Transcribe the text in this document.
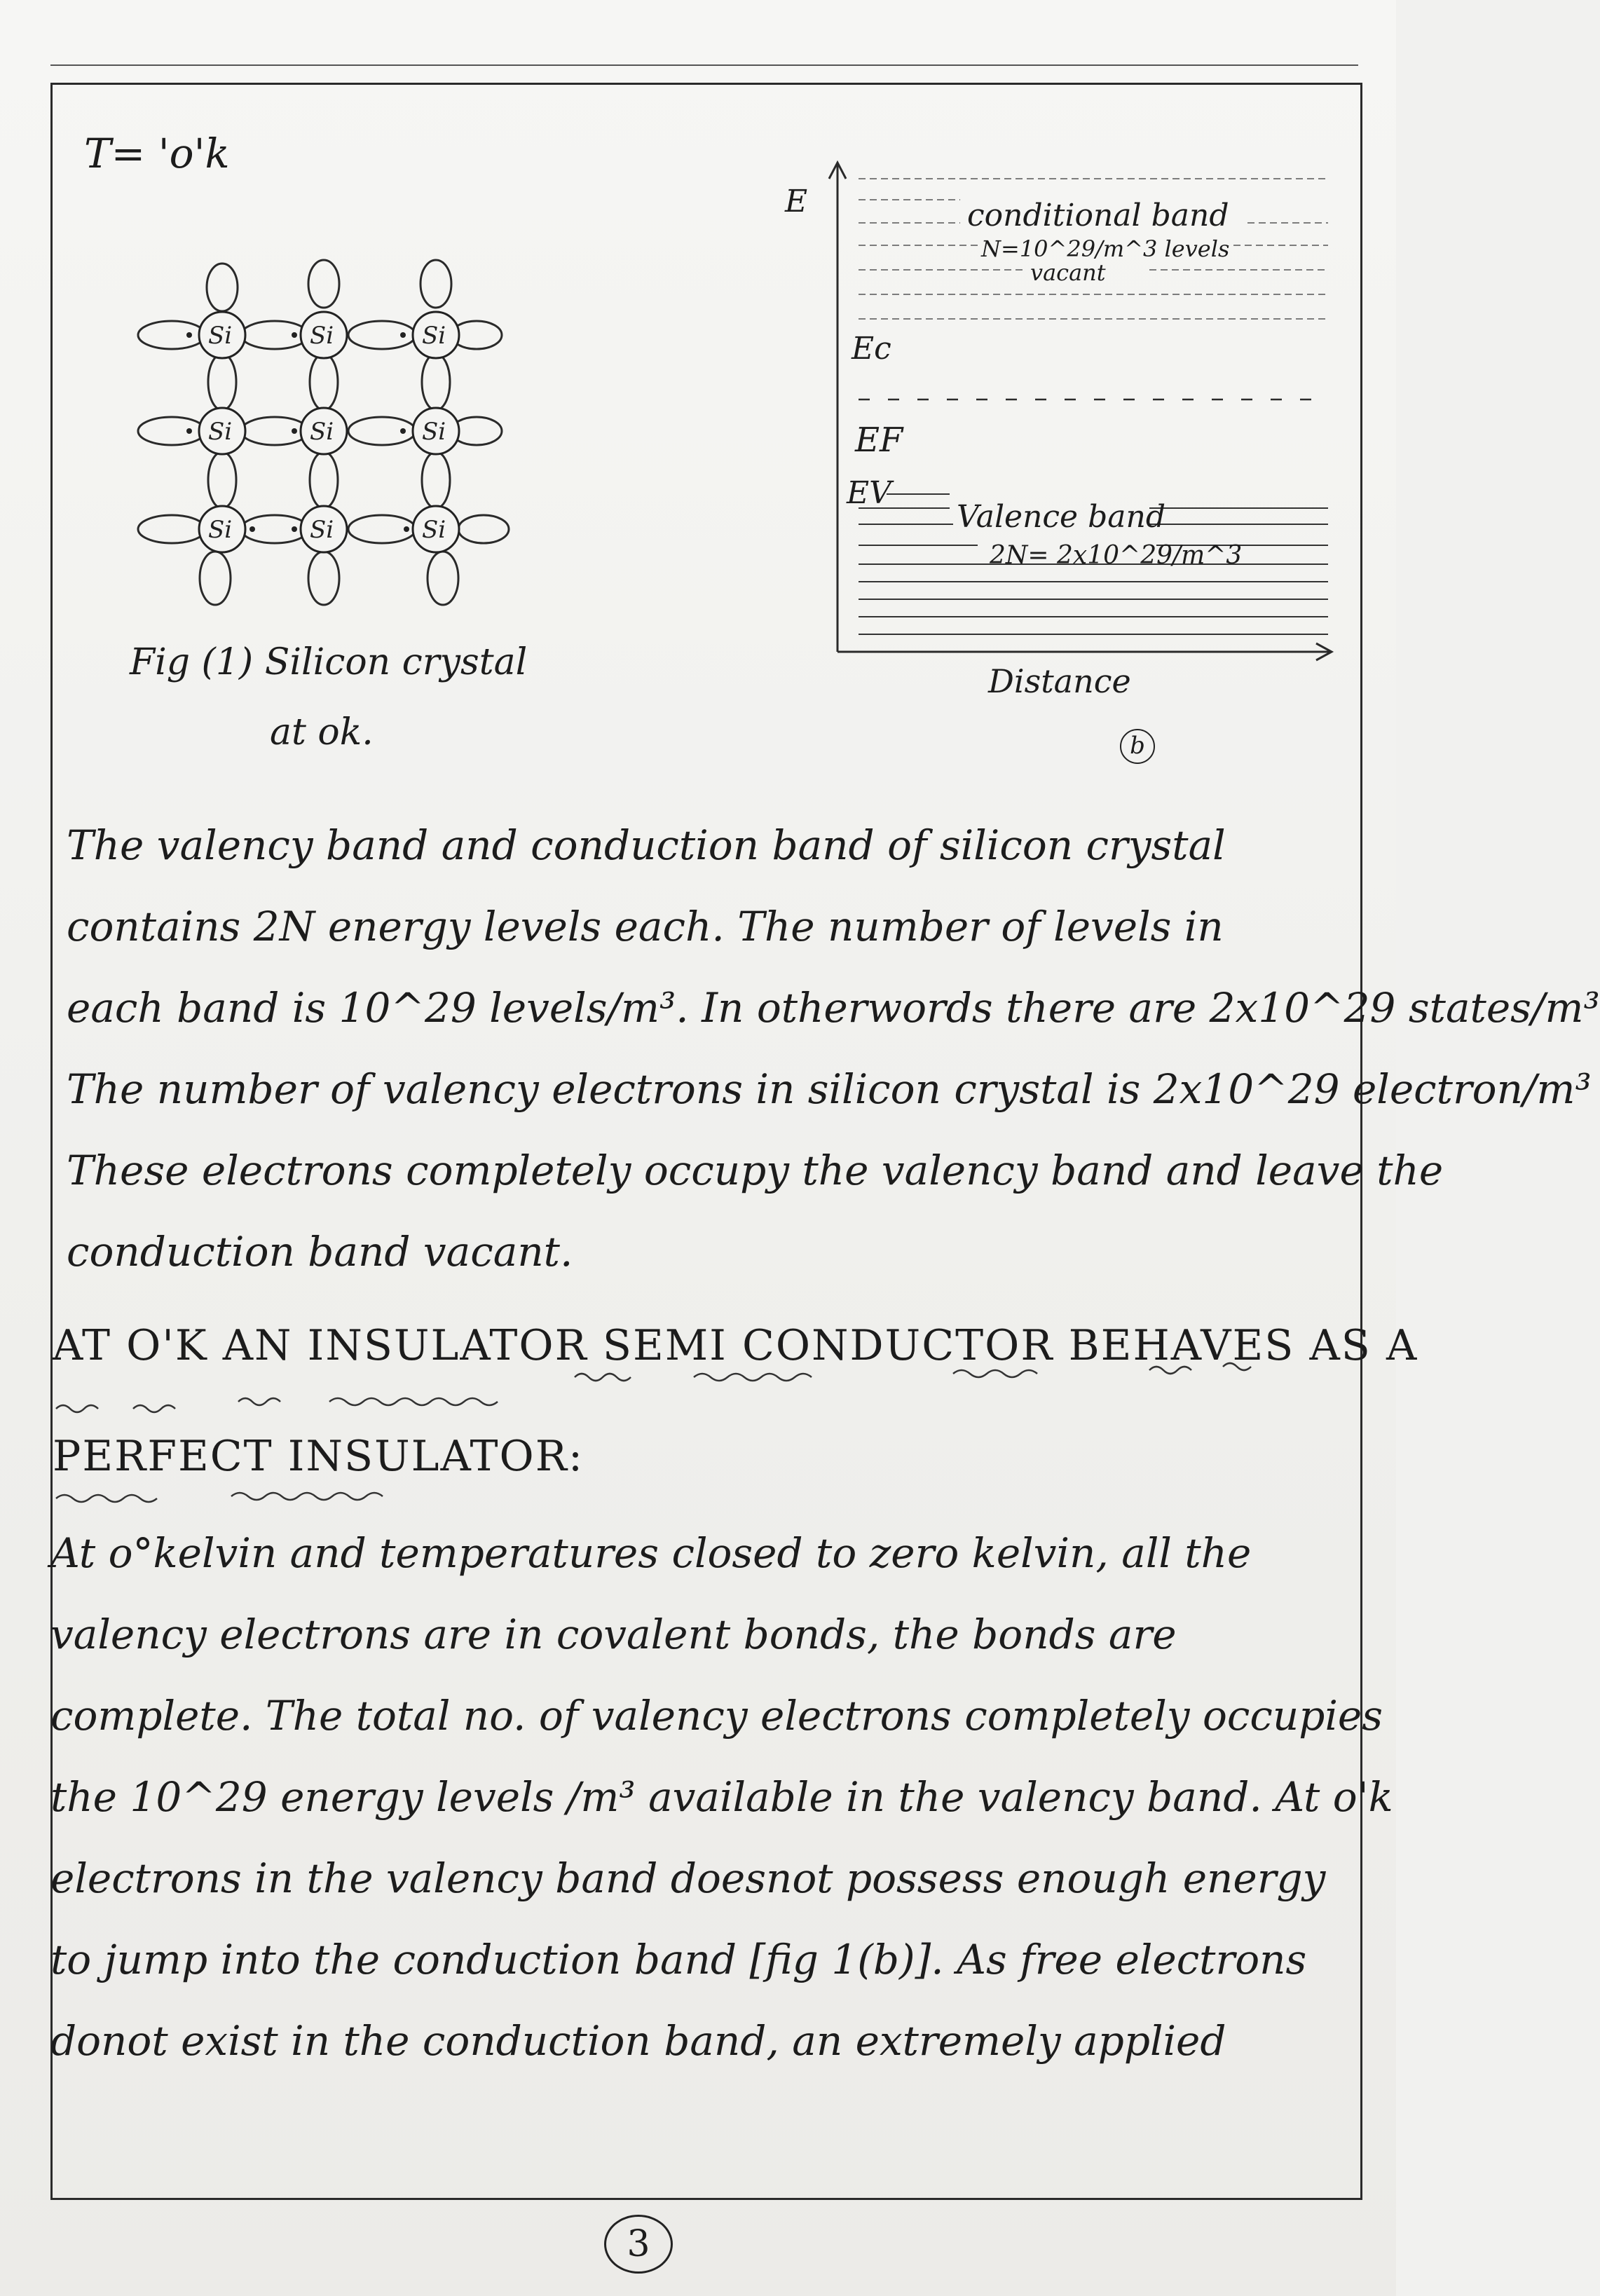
T= 'o'k
Si	Si	Si
Si	Si	Si
Si	Si	Si
Fig (1) Silicon crystal
at ok.
E	conditional band
N=10^29/m^3 levels
vacant
Ec
EF
EV
Valence band
2N= 2x10^29/m^3
Distance
b
The valency band and conduction band of silicon crystal
contains 2N energy levels each. The number of levels in
each band is 10^29 levels/m³. In otherwords there are 2x10^29 states/m³
The number of valency electrons in silicon crystal is 2x10^29 electron/m³
These electrons completely occupy the valency band and leave the
conduction band vacant.
AT O'K AN INSULATOR SEMI CONDUCTOR BEHAVES AS A
PERFECT INSULATOR:
At o°kelvin and temperatures closed to zero kelvin, all the
valency electrons are in covalent bonds, the bonds are
complete. The total no. of valency electrons completely occupies
the 10^29 energy levels /m³ available in the valency band. At o'k
electrons in the valency band doesnot possess enough energy
to jump into the conduction band [fig 1(b)]. As free electrons
donot exist in the conduction band, an extremely applied
3
